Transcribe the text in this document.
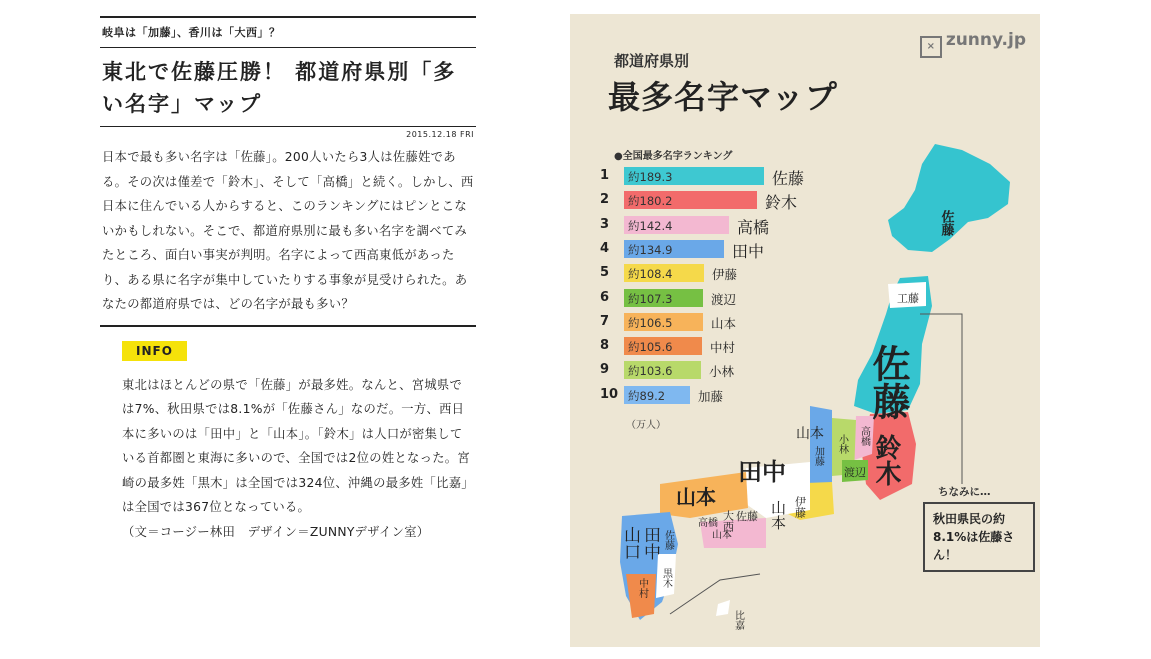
岐阜は「加藤」、香川は「大西」？
東北で佐藤圧勝！ 都道府県別「多い名字」マップ
2015.12.18 FRI
日本で最も多い名字は「佐藤」。200人いたら3人は佐藤姓である。その次は僅差で「鈴木」、そして「高橋」と続く。しかし、西日本に住んでいる人からすると、このランキングにはピンとこないかもしれない。そこで、都道府県別に最も多い名字を調べてみたところ、面白い事実が判明。名字によって西高東低があったり、ある県に名字が集中していたりする事象が見受けられた。あなたの都道府県では、どの名字が最も多い？
INFO
東北はほとんどの県で「佐藤」が最多姓。なんと、宮城県では7%、秋田県では8.1%が「佐藤さん」なのだ。一方、西日本に多いのは「田中」と「山本」。「鈴木」は人口が密集している首都圏と東海に多いので、全国では2位の姓となった。宮崎の最多姓「黒木」は全国では324位、沖縄の最多姓「比嘉」は全国では367位となっている。
（文＝コージー林田　デザイン＝ZUNNYデザイン室）
× zunny.jp
都道府県別
最多名字マップ
佐藤
工藤
佐藤
鈴木
高橋
小林
渡辺
山本
加藤
田中
伊藤
山本
山本
大西 佐藤
高橋
山本
山口 田中 佐藤
黒木
中村
比嘉
●全国最多名字ランキング
1 約189.3	佐藤
2 約180.2	鈴木
3 約142.4	高橋
4 約134.9	田中
5 約108.4	伊藤
6 約107.3	渡辺
7 約106.5	山本
8 約105.6	中村
9 約103.6	小林
10 約89.2	加藤
（万人）
ちなみに…
秋田県民の約8.1%は佐藤さん！
